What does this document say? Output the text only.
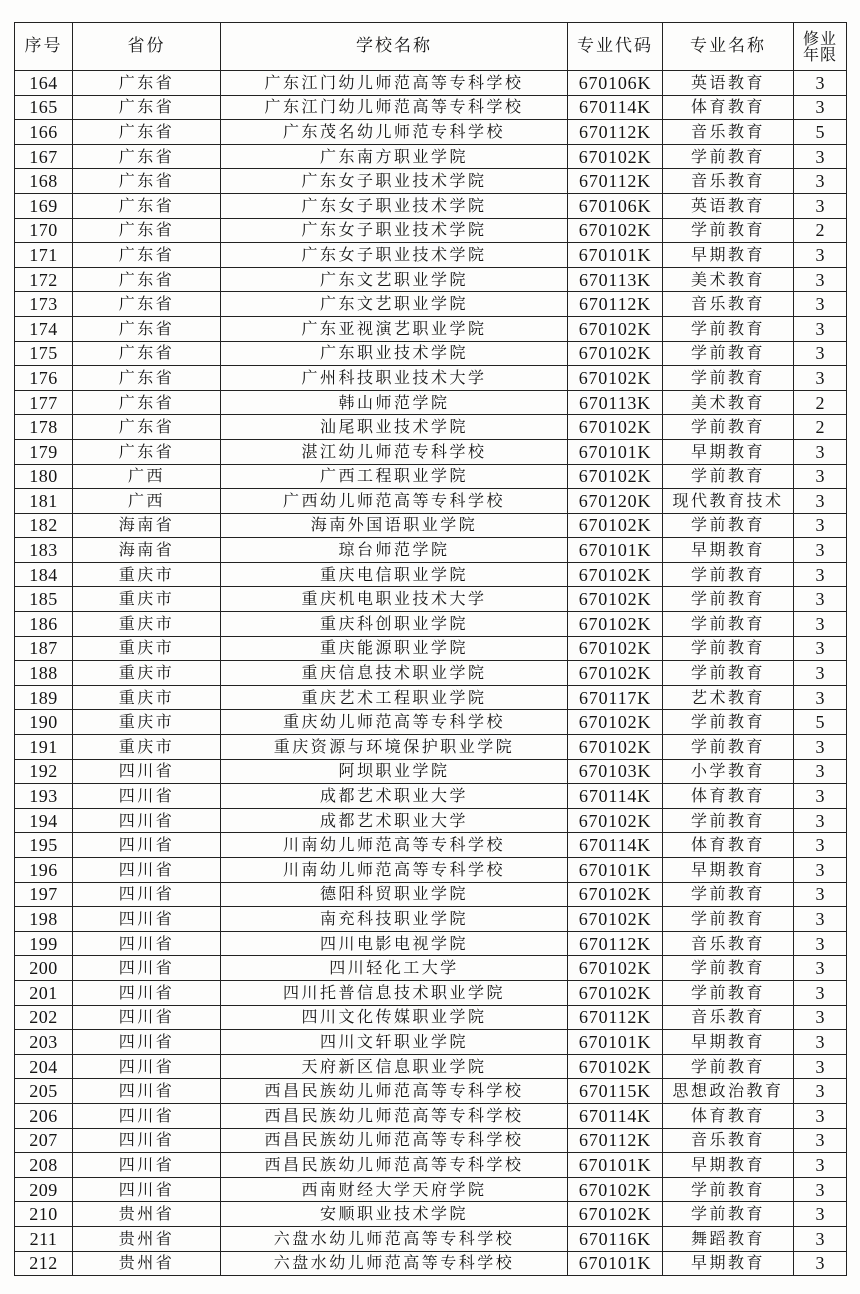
序号	省份	学校名称	专业代码	专业名称	修业
年限

164	广东省	广东江门幼儿师范高等专科学校	670106K	英语教育	3
165	广东省	广东江门幼儿师范高等专科学校	670114K	体育教育	3
166	广东省	广东茂名幼儿师范专科学校	670112K	音乐教育	5
167	广东省	广东南方职业学院	670102K	学前教育	3
168	广东省	广东女子职业技术学院	670112K	音乐教育	3
169	广东省	广东女子职业技术学院	670106K	英语教育	3
170	广东省	广东女子职业技术学院	670102K	学前教育	2
171	广东省	广东女子职业技术学院	670101K	早期教育	3
172	广东省	广东文艺职业学院	670113K	美术教育	3
173	广东省	广东文艺职业学院	670112K	音乐教育	3
174	广东省	广东亚视演艺职业学院	670102K	学前教育	3
175	广东省	广东职业技术学院	670102K	学前教育	3
176	广东省	广州科技职业技术大学	670102K	学前教育	3
177	广东省	韩山师范学院	670113K	美术教育	2
178	广东省	汕尾职业技术学院	670102K	学前教育	2
179	广东省	湛江幼儿师范专科学校	670101K	早期教育	3
180	广西	广西工程职业学院	670102K	学前教育	3
181	广西	广西幼儿师范高等专科学校	670120K	现代教育技术	3
182	海南省	海南外国语职业学院	670102K	学前教育	3
183	海南省	琼台师范学院	670101K	早期教育	3
184	重庆市	重庆电信职业学院	670102K	学前教育	3
185	重庆市	重庆机电职业技术大学	670102K	学前教育	3
186	重庆市	重庆科创职业学院	670102K	学前教育	3
187	重庆市	重庆能源职业学院	670102K	学前教育	3
188	重庆市	重庆信息技术职业学院	670102K	学前教育	3
189	重庆市	重庆艺术工程职业学院	670117K	艺术教育	3
190	重庆市	重庆幼儿师范高等专科学校	670102K	学前教育	5
191	重庆市	重庆资源与环境保护职业学院	670102K	学前教育	3
192	四川省	阿坝职业学院	670103K	小学教育	3
193	四川省	成都艺术职业大学	670114K	体育教育	3
194	四川省	成都艺术职业大学	670102K	学前教育	3
195	四川省	川南幼儿师范高等专科学校	670114K	体育教育	3
196	四川省	川南幼儿师范高等专科学校	670101K	早期教育	3
197	四川省	德阳科贸职业学院	670102K	学前教育	3
198	四川省	南充科技职业学院	670102K	学前教育	3
199	四川省	四川电影电视学院	670112K	音乐教育	3
200	四川省	四川轻化工大学	670102K	学前教育	3
201	四川省	四川托普信息技术职业学院	670102K	学前教育	3
202	四川省	四川文化传媒职业学院	670112K	音乐教育	3
203	四川省	四川文轩职业学院	670101K	早期教育	3
204	四川省	天府新区信息职业学院	670102K	学前教育	3
205	四川省	西昌民族幼儿师范高等专科学校	670115K	思想政治教育	3
206	四川省	西昌民族幼儿师范高等专科学校	670114K	体育教育	3
207	四川省	西昌民族幼儿师范高等专科学校	670112K	音乐教育	3
208	四川省	西昌民族幼儿师范高等专科学校	670101K	早期教育	3
209	四川省	西南财经大学天府学院	670102K	学前教育	3
210	贵州省	安顺职业技术学院	670102K	学前教育	3
211	贵州省	六盘水幼儿师范高等专科学校	670116K	舞蹈教育	3
212	贵州省	六盘水幼儿师范高等专科学校	670101K	早期教育	3
